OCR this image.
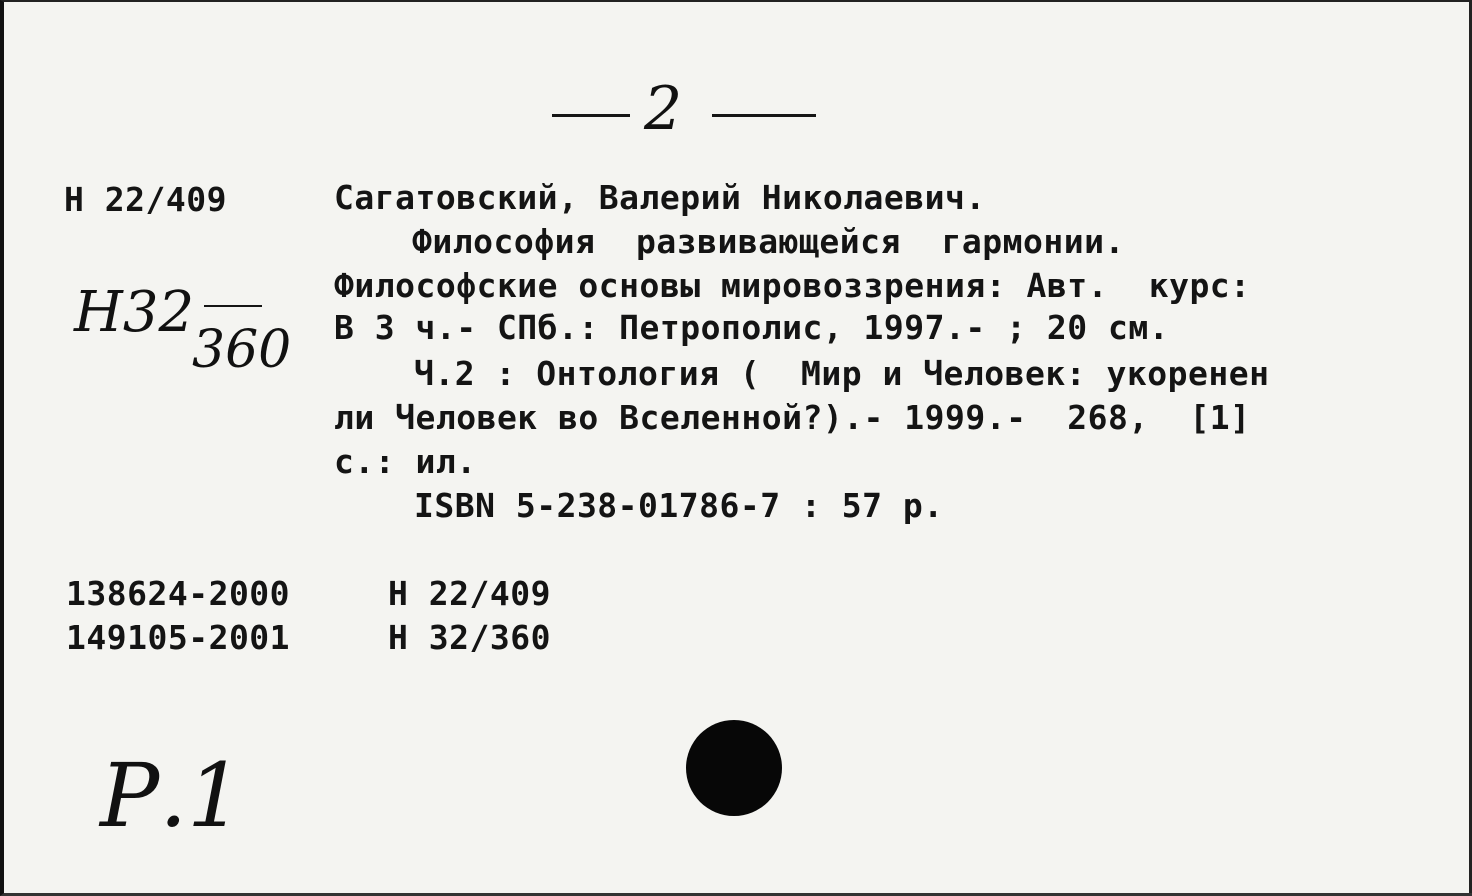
2
Н 22/409
Н32
360
Сагатовский, Валерий Николаевич.
Философия  развивающейся  гармонии.
Философские основы мировоззрения: Авт.  курс:
В 3 ч.- СПб.: Петрополис, 1997.- ; 20 см.
Ч.2 : Онтология (  Мир и Человек: укоренен
ли Человек во Вселенной?).- 1999.-  268,  [1]
с.: ил.
ISBN 5-238-01786-7 : 57 р.
138624-2000	Н 22/409
149105-2001	Н 32/360
Р.1
